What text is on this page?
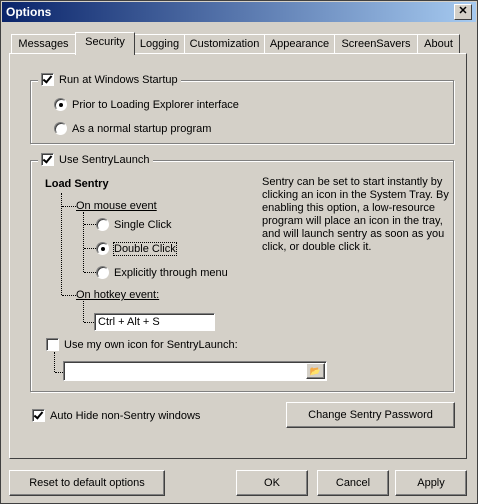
Options	✕
Messages	Security	Logging Customization Appearance	ScreenSavers	About
Run at Windows Startup
Prior to Loading Explorer interface
As a normal startup program
Use SentryLaunch
Load Sentry
On mouse event
Single Click
Double Click
Explicitly through menu
On hotkey event:
Ctrl + Alt + S
Sentry can be set to start instantly by clicking an icon in the System Tray. By enabling this option, a low-resource program will place an icon in the tray, and will launch sentry as soon as you click, or double click it.
Use my own icon for SentryLaunch:
📂
Auto Hide non-Sentry windows	Change Sentry Password
Reset to default options	OK	Cancel	Apply
